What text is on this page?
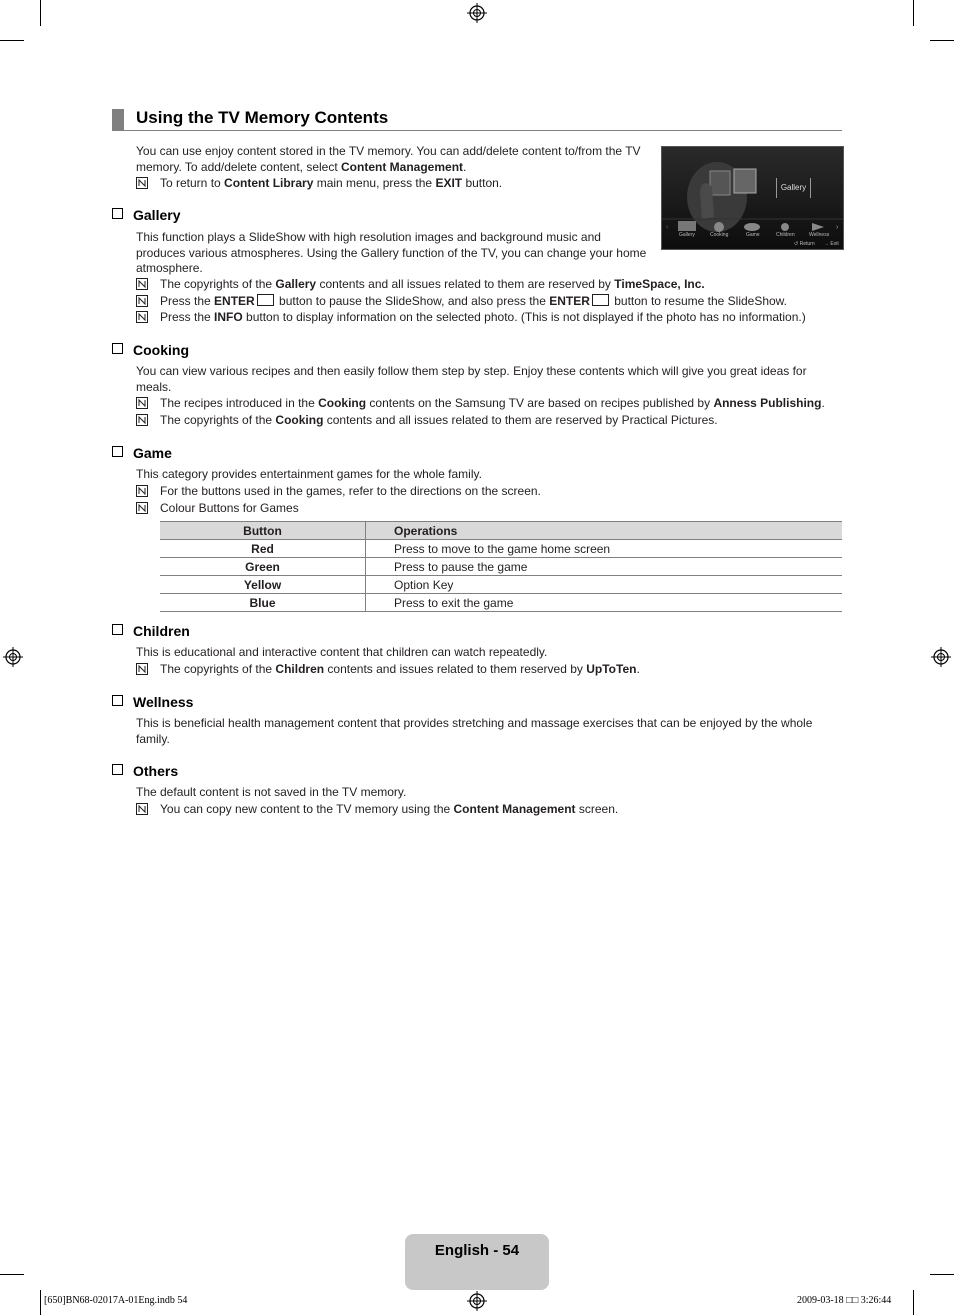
Using the TV Memory Contents
You can use enjoy content stored in the TV memory. You can add/delete content to/from the TV
memory. To add/delete content, select Content Management.
To return to Content Library main menu, press the EXIT button.
›
‹
Gallery
Gallery	Cooking	Game	Children	Wellness
↺ Return → Exit
Gallery
This function plays a SlideShow with high resolution images and background music and
produces various atmospheres. Using the Gallery function of the TV, you can change your home
atmosphere.
The copyrights of the Gallery contents and all issues related to them are reserved by TimeSpace, Inc.
Press the ENTER button to pause the SlideShow, and also press the ENTER button to resume the SlideShow.
Press the INFO button to display information on the selected photo. (This is not displayed if the photo has no information.)
Cooking
You can view various recipes and then easily follow them step by step. Enjoy these contents which will give you great ideas for
meals.
The recipes introduced in the Cooking contents on the Samsung TV are based on recipes published by Anness Publishing.
The copyrights of the Cooking contents and all issues related to them are reserved by Practical Pictures.
Game
This category provides entertainment games for the whole family.
For the buttons used in the games, refer to the directions on the screen.
Colour Buttons for Games
Button	Operations
Red	Press to move to the game home screen
Green	Press to pause the game
Yellow	Option Key
Blue	Press to exit the game
Children
This is educational and interactive content that children can watch repeatedly.
The copyrights of the Children contents and issues related to them reserved by UpToTen.
Wellness
This is beneficial health management content that provides stretching and massage exercises that can be enjoyed by the whole
family.
Others
The default content is not saved in the TV memory.
You can copy new content to the TV memory using the Content Management screen.
English - 54
[650]BN68-02017A-01Eng.indb 54	2009-03-18 □□ 3:26:44
